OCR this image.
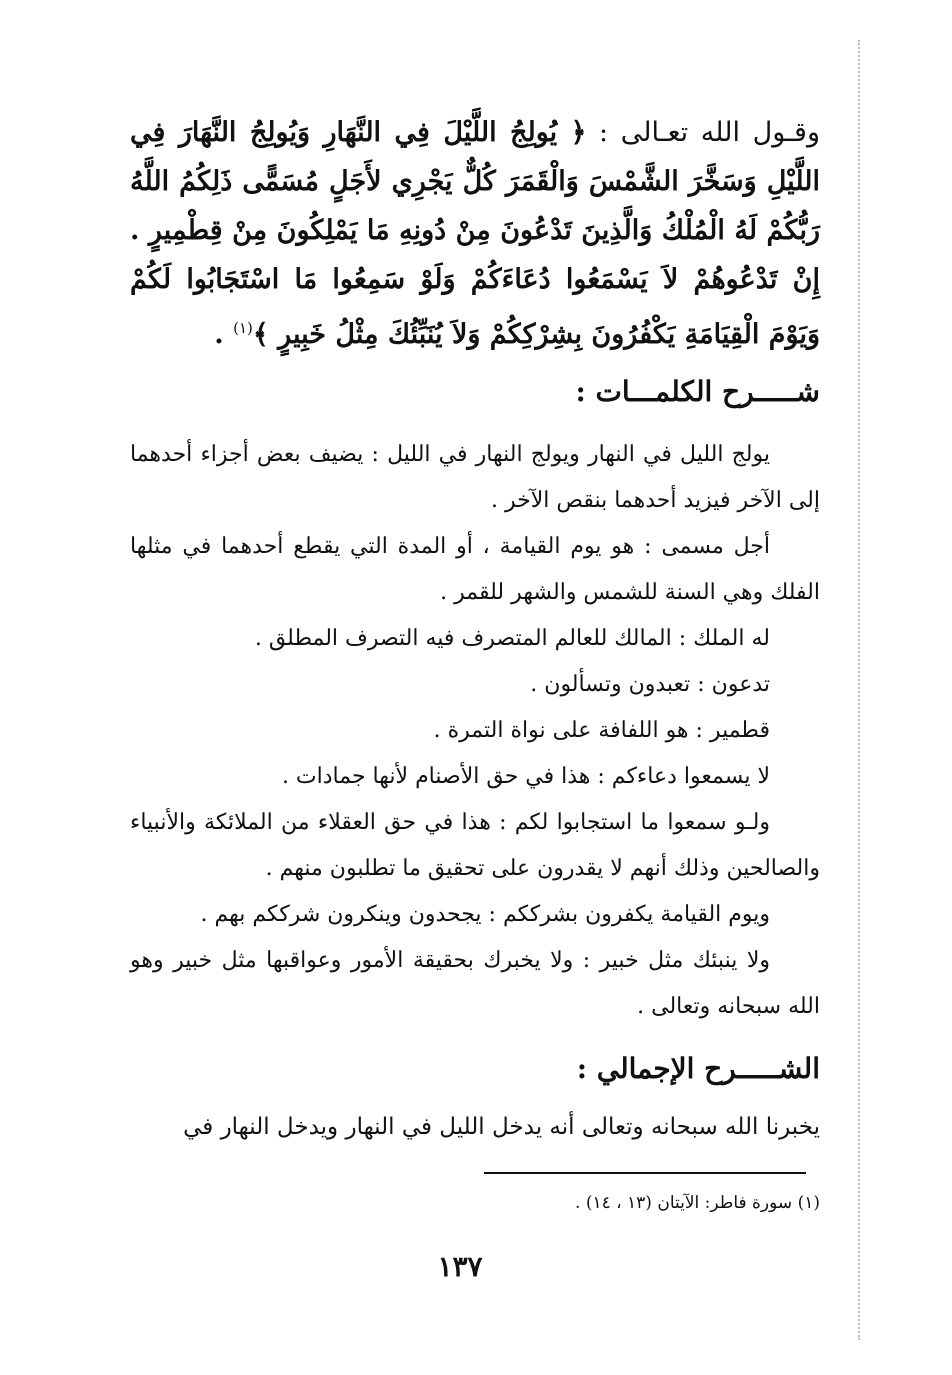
وقـول الله تعـالى : ﴿ يُولِجُ اللَّيْلَ فِي النَّهَارِ وَيُولِجُ النَّهَارَ فِي اللَّيْلِ وَسَخَّرَ الشَّمْسَ وَالْقَمَرَ كُلٌّ يَجْرِي لأَجَلٍ مُسَمًّى ذَلِكُمُ اللَّهُ رَبُّكُمْ لَهُ الْمُلْكُ وَالَّذِينَ تَدْعُونَ مِنْ دُونِهِ مَا يَمْلِكُونَ مِنْ قِطْمِيرٍ . إِنْ تَدْعُوهُمْ لاَ يَسْمَعُوا دُعَاءَكُمْ وَلَوْ سَمِعُوا مَا اسْتَجَابُوا لَكُمْ وَيَوْمَ الْقِيَامَةِ يَكْفُرُونَ بِشِرْكِكُمْ وَلاَ يُنَبِّئُكَ مِثْلُ خَبِيرٍ ﴾$^{(١)}$ .
شـــــرح الكلمـــات :

يولج الليل في النهار ويولج النهار في الليل : يضيف بعض أجزاء أحدهما إلى الآخر فيزيد أحدهما بنقص الآخر .

أجل مسمى : هو يوم القيامة ، أو المدة التي يقطع أحدهما في مثلها الفلك وهي السنة للشمس والشهر للقمر .

له الملك : المالك للعالم المتصرف فيه التصرف المطلق .

تدعون : تعبدون وتسألون .

قطمير : هو اللفافة على نواة التمرة .

لا يسمعوا دعاءكم : هذا في حق الأصنام لأنها جمادات .

ولـو سمعوا ما استجابوا لكم : هذا في حق العقلاء من الملائكة والأنبياء والصالحين وذلك أنهم لا يقدرون على تحقيق ما تطلبون منهم .

ويوم القيامة يكفرون بشرككم : يجحدون وينكرون شرككم بهم .

ولا ينبئك مثل خبير : ولا يخبرك بحقيقة الأمور وعواقبها مثل خبير وهو الله سبحانه وتعالى .

الشـــــرح الإجمالي :
يخبرنا الله سبحانه وتعالى أنه يدخل الليل في النهار ويدخل النهار في
(١) سورة فاطر: الآيتان (١٣ ، ١٤) .
١٣٧
